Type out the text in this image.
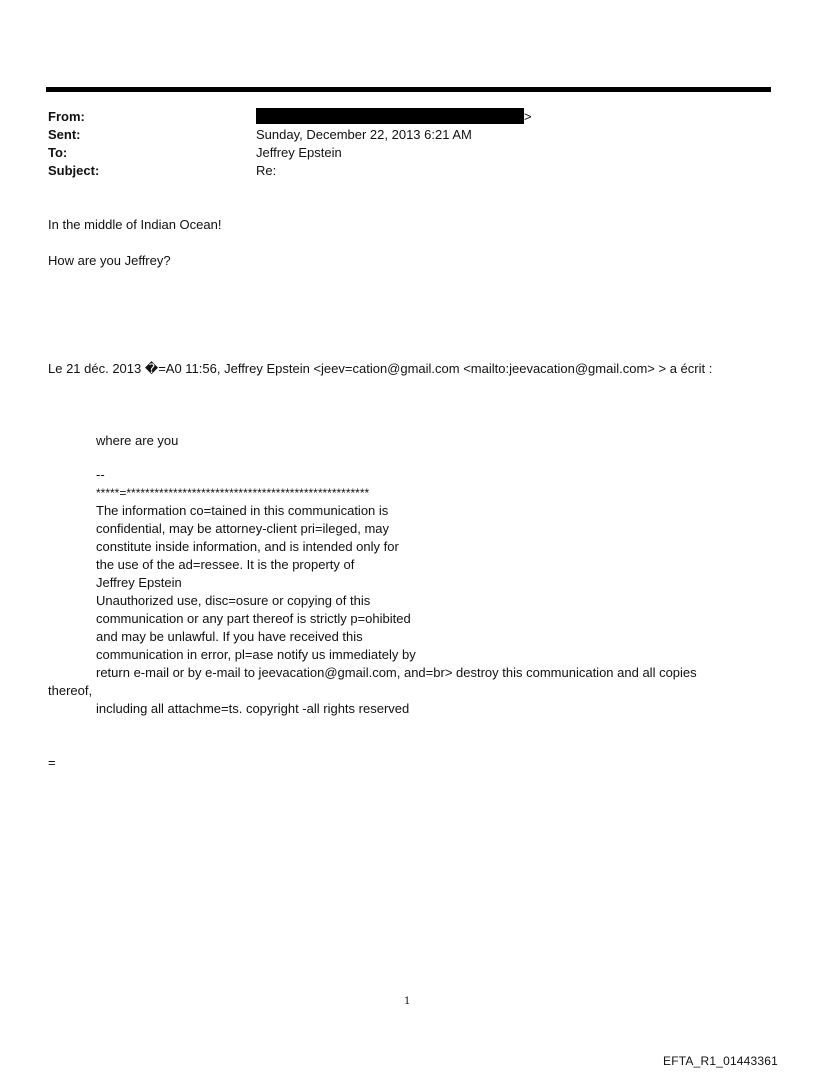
From:	>
Sent:	Sunday, December 22, 2013 6:21 AM
To:	Jeffrey Epstein
Subject:	Re:
In the middle of Indian Ocean!
How are you Jeffrey?
Le 21 déc. 2013 �=A0 11:56, Jeffrey Epstein <jeev=cation@gmail.com <mailto:jeevacation@gmail.com> > a écrit :
where are you
--
*****=****************************************************
The information co=tained in this communication is
confidential, may be attorney-client pri=ileged, may
constitute inside information, and is intended only for
the use of the ad=ressee. It is the property of
Jeffrey Epstein
Unauthorized use, disc=osure or copying of this
communication or any part thereof is strictly p=ohibited
and may be unlawful. If you have received this
communication in error, pl=ase notify us immediately by
return e-mail or by e-mail to jeevacation@gmail.com, and=br> destroy this communication and all copies
thereof,
including all attachme=ts. copyright -all rights reserved
=
1
EFTA_R1_01443361
